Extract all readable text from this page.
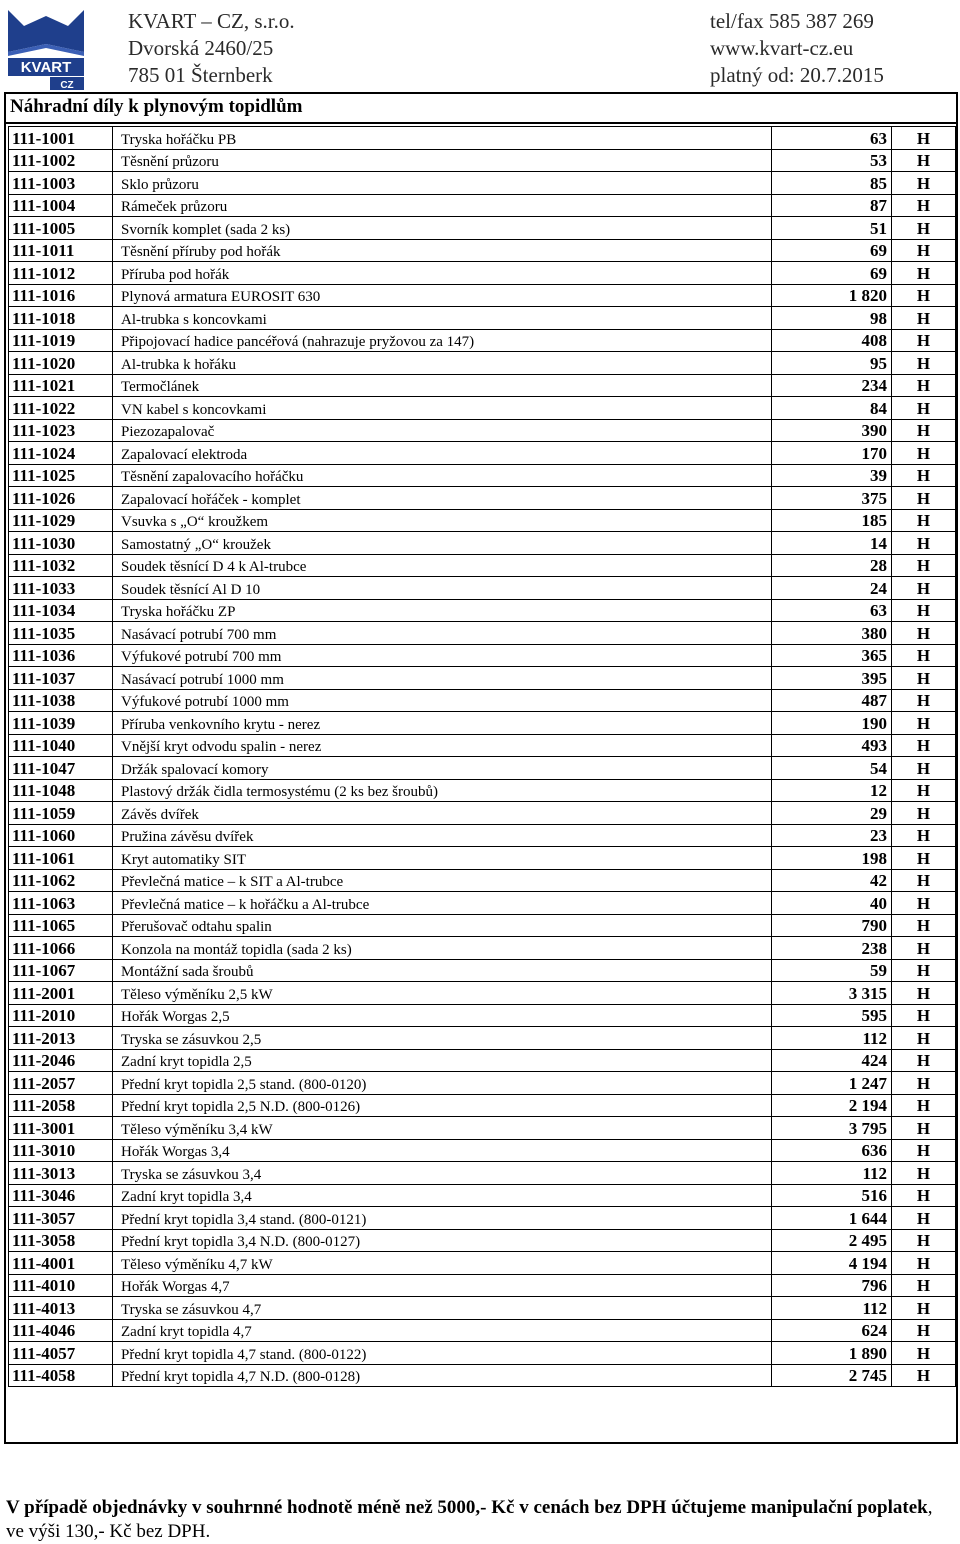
KVART
CZ
KVART – CZ, s.r.o.
Dvorská 2460/25
785 01 Šternberk
tel/fax 585 387 269
www.kvart-cz.eu
platný od: 20.7.2015
Náhradní díly k plynovým topidlům
111-1001	Tryska hořáčku PB	63	H
111-1002	Těsnění průzoru	53	H
111-1003	Sklo průzoru	85	H
111-1004	Rámeček průzoru	87	H
111-1005	Svorník komplet (sada 2 ks)	51	H
111-1011	Těsnění příruby pod hořák	69	H
111-1012	Příruba pod hořák	69	H
111-1016	Plynová armatura EUROSIT 630	1 820	H
111-1018	Al-trubka s koncovkami	98	H
111-1019	Připojovací hadice pancéřová (nahrazuje pryžovou za 147)	408	H
111-1020	Al-trubka k hořáku	95	H
111-1021	Termočlánek	234	H
111-1022	VN kabel s koncovkami	84	H
111-1023	Piezozapalovač	390	H
111-1024	Zapalovací elektroda	170	H
111-1025	Těsnění zapalovacího hořáčku	39	H
111-1026	Zapalovací hořáček - komplet	375	H
111-1029	Vsuvka s „O“ kroužkem	185	H
111-1030	Samostatný „O“ kroužek	14	H
111-1032	Soudek těsnící D 4 k Al-trubce	28	H
111-1033	Soudek těsnící Al D 10	24	H
111-1034	Tryska hořáčku ZP	63	H
111-1035	Nasávací potrubí 700 mm	380	H
111-1036	Výfukové potrubí 700 mm	365	H
111-1037	Nasávací potrubí 1000 mm	395	H
111-1038	Výfukové potrubí 1000 mm	487	H
111-1039	Příruba venkovního krytu - nerez	190	H
111-1040	Vnější kryt odvodu spalin - nerez	493	H
111-1047	Držák spalovací komory	54	H
111-1048	Plastový držák čidla termosystému (2 ks bez šroubů)	12	H
111-1059	Závěs dvířek	29	H
111-1060	Pružina závěsu dvířek	23	H
111-1061	Kryt automatiky SIT	198	H
111-1062	Převlečná matice – k SIT a Al-trubce	42	H
111-1063	Převlečná matice – k hořáčku a Al-trubce	40	H
111-1065	Přerušovač odtahu spalin	790	H
111-1066	Konzola na montáž topidla (sada 2 ks)	238	H
111-1067	Montážní sada šroubů	59	H
111-2001	Těleso výměníku 2,5 kW	3 315	H
111-2010	Hořák Worgas 2,5	595	H
111-2013	Tryska se zásuvkou 2,5	112	H
111-2046	Zadní kryt topidla 2,5	424	H
111-2057	Přední kryt topidla 2,5 stand. (800-0120)	1 247	H
111-2058	Přední kryt topidla 2,5 N.D. (800-0126)	2 194	H
111-3001	Těleso výměníku 3,4 kW	3 795	H
111-3010	Hořák Worgas 3,4	636	H
111-3013	Tryska se zásuvkou 3,4	112	H
111-3046	Zadní kryt topidla 3,4	516	H
111-3057	Přední kryt topidla 3,4 stand. (800-0121)	1 644	H
111-3058	Přední kryt topidla 3,4 N.D. (800-0127)	2 495	H
111-4001	Těleso výměníku 4,7 kW	4 194	H
111-4010	Hořák Worgas 4,7	796	H
111-4013	Tryska se zásuvkou 4,7	112	H
111-4046	Zadní kryt topidla 4,7	624	H
111-4057	Přední kryt topidla 4,7 stand. (800-0122)	1 890	H
111-4058	Přední kryt topidla 4,7 N.D. (800-0128)	2 745	H
V případě objednávky v souhrnné hodnotě méně než 5000,- Kč v cenách bez DPH účtujeme manipulační poplatek, ve výši 130,- Kč bez DPH.
